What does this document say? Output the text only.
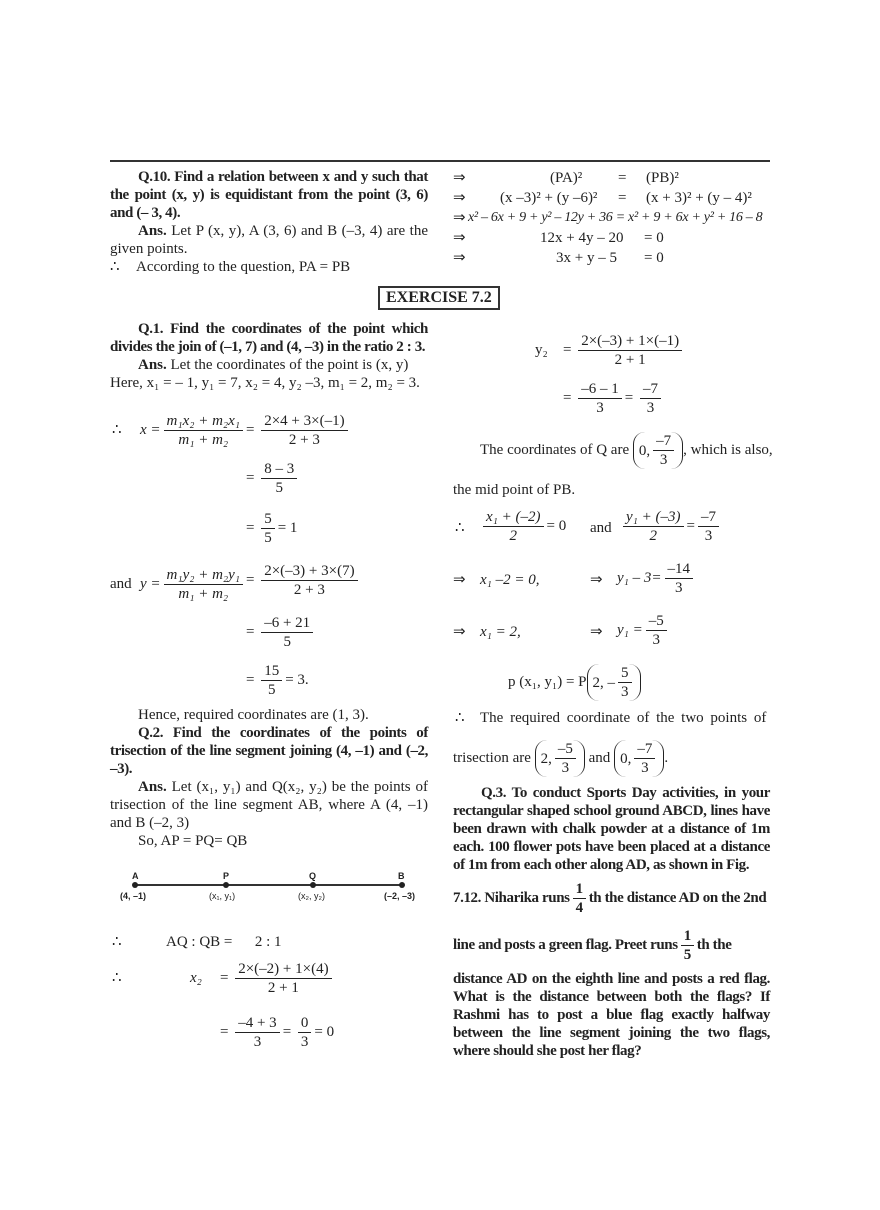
Q.10. Find a relation between x and y such that the point (x, y) is equidistant from the point (3, 6) and (– 3, 4).
Ans. Let P (x, y), A (3, 6) and B (–3, 4) are the given points.
∴ According to the question, PA = PB
⇒	(PA)² = (PB)²
⇒ (x –3)² + (y –6)² = (x + 3)² + (y – 4)²
⇒ x² – 6x + 9 + y² – 12y + 36 = x² + 9 + 6x + y² + 16 – 8
⇒	12x + 4y – 20 = 0
⇒	3x + y – 5 = 0
EXERCISE 7.2
Q.1. Find the coordinates of the point which divides the join of (–1, 7) and (4, –3) in the ratio 2 : 3.
Ans. Let the coordinates of the point is (x, y)
Here, x₁ = – 1, y₁ = 7, x₂ = 4, y₂ –3, m₁ = 2, m₂ = 3.
∴ $x = \frac{\text{m₁x₂ + m₂x₁}}{\text{m₁ + m₂}} = \frac{2\times 4 + 3\times(-1)}{2 + 3}$
= $\frac{8 - 3}{5}$
= $\frac{5}{5} = 1$
and $y = \frac{\text{m₁y₂ + m₂y₁}}{\text{m₁ + m₂}} = \frac{2\times(-3) + 3\times(7)}{2 + 3}$
= $\frac{-6 + 21}{5}$
= $\frac{15}{5} = 3$.
Hence, required coordinates are (1, 3).
Q.2. Find the coordinates of the points of trisection of the line segment joining (4, –1) and (–2, –3).
Ans. Let (x₁, y₁) and Q(x₂, y₂) be the points of trisection of the line segment AB, where A (4, –1) and B (–2, 3)
So, AP = PQ= QB
A	P	Q	B
(4, –1)	(x₁, y₁)	(x₂, y₂)	(–2, –3)
∴	AQ : QB =      2 : 1
∴	$x_2 = \frac{2\times(-2) + 1\times(4)}{2 + 1}$
= $\frac{-4 + 3}{3} = \frac{0}{3} = 0$
$y_2 = \frac{2\times(-3) + 1\times(-1)}{2 + 1}$
= $\frac{-6 - 1}{3} = \frac{-7}{3}$
The coordinates of Q are 0, $\frac{-7}{3}$ , which is also,
the mid point of PB.
∴ $\frac{\text{x₁ + (–2)}}{2} = 0$ and $\frac{\text{y₁ + (–3)}}{2} = \frac{-7}{3}$
⇒ x₁ –2 = 0,	⇒ $y_1 - 3= \frac{-14}{3}$
⇒ x₁ = 2,	⇒ $y_1 = \frac{-5}{3}$
p (x₁, y₁) = P 2, – $\frac{5}{3}$
∴ The required coordinate of the two points of
trisection are 2, $\frac{-5}{3}$ and 0, $\frac{-7}{3}$ .
Q.3. To conduct Sports Day activities, in your rectangular shaped school ground ABCD, lines have been drawn with chalk powder at a distance of 1m each. 100 flower pots have been placed at a distance of 1m from each other along AD, as shown in Fig.
7.12. Niharika runs $\frac{1}{4}$ th the distance AD on the 2nd
line and posts a green flag. Preet runs $\frac{1}{5}$ th the
distance AD on the eighth line and posts a red flag. What is the distance between both the flags? If Rashmi has to post a blue flag exactly halfway between the line segment joining the two flags, where should she post her flag?
